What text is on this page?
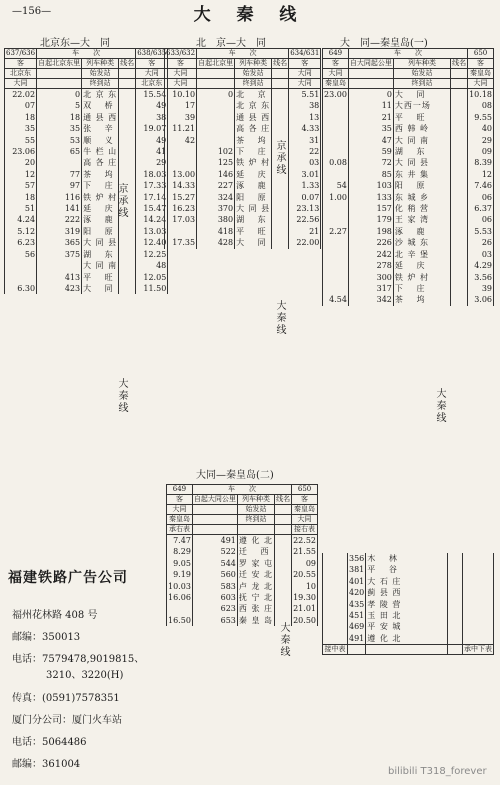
—156—	大 秦 线
北京东—大　同	北　京—大　同	大　同—秦皇岛(一)
637/636	车　　次			638/635
客	自起北京东里	列车种类	线名	客
北京东		始发站		大同
大同		终到站		北京东
22.02	0	北 京 东		15.54
07	5	双　 桥		49
18	18	通 县 西		38
35	35	张　 辛		19.07
55	53	顺　 义		49
23.06	65	牛 栏 山		41
20		高 各 庄		29
12	77	茶　 坞		18.03
57	97	下　 庄		17.33
18	116	铁 炉 村		17.14
51	141	延　 庆		15.47
4.24	222	涿　 鹿		14.24
5.12	319	阳　 原		13.03
6.23	365	大 同 县		12.40
56	375	湖　 东		12.25
		大 同 南		48
	413	平　 旺		12.05
6.30	423	大　 同		11.50
京承线
大秦线
633/632	车　　次			634/631
客	自起北京里	列车种类	线名	客
大同		始发站		大同
大同		终到站		大同
10.10	0	北　 京		5.51
17		北 京 东		38
39		通 县 西		13
11.21		高 各 庄		4.33
42		茶　 坞		31
	102	下　 庄		22
	125	铁 炉 村		03
13.00	146	延　 庆		3.01
14.33	227	涿　 鹿		1.33
15.27	324	阳　 原		0.07
16.23	370	大 同 县		23.13
17.03	380	湖　 东		22.56
	418	平　 旺		21
17.35	428	大　 同		22.00
京承线
大秦线
649	车　　次			650
客	自大同起公里	列车种类	线名	客
大同		始发站		秦皇岛
秦皇岛		终到站		大同
23.00	0	大　 同		10.18
	11	大西一场		08
	21	平　 旺		9.55
	35	西 韩 岭		40
	47	大 同 南		29
	59	湖　 东		09
0.08	72	大 同 县		8.39
	85	东 井 集		12
54	103	阳　 原		7.46
1.00	133	东 城 乡		06
	157	化 稍 营		6.37
	179	王 家 湾		06
2.27	198	涿　 鹿		5.53
	226	沙 城 东		26
	242	北 辛 堡		03
	278	延　 庆		4.29
	300	铁 炉 村		3.56
	317	下　 庄		39
4.54	342	茶　 坞		3.06
大秦线
大同—秦皇岛(二)
649	车　　次			650
客	自起大同公里	列车种类	线名	客
大同		始发站		秦皇岛
秦皇岛		终到站		大同
承右表				接右表
7.47	491	遵 化 北		22.52
8.29	522	迁　 西		21.55
9.05	544	罗 家 屯		09
9.19	560	迁 安 北		20.55
10.03	583	卢 龙 北		10
16.06	603	抚 宁 北		19.30
	623	西 张 庄		21.01
16.50	653	秦 皇 岛		20.50
大秦线
	356	木　 林		
	381	平　 谷		
	401	大 石 庄		
	420	蓟 县 西		
	435	孝 陵 营		
	451	玉 田 北		
	469	平 安 城		
	491	遵 化 北		
接中表				承中下表
福建铁路广告公司
福州花林路 408 号
邮编：350013
电话：7579478,9019815、
3210、3220(H)
传真：(0591)7578351
厦门分公司：厦门火车站
电话：5064486
邮编：361004
bilibili T318_forever
